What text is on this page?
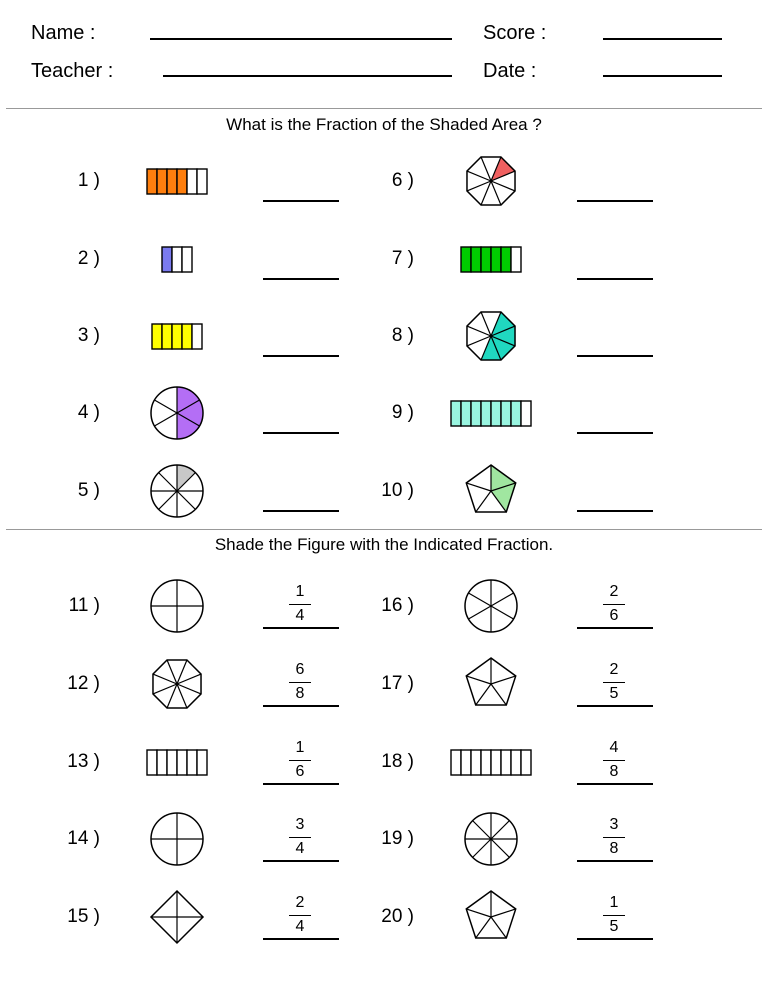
Name :
Teacher :
Score :
Date :
What is the Fraction of the Shaded Area ?
1 )
2 )
3 )
4 )
5 )
6 )
7 )
8 )
9 )
10 )
Shade the Figure with the Indicated Fraction.
11 )
1
4
12 )
6
8
13 )
1
6
14 )
3
4
15 )
2
4
16 )
2
6
17 )
2
5
18 )
4
8
19 )
3
8
20 )
1
5
